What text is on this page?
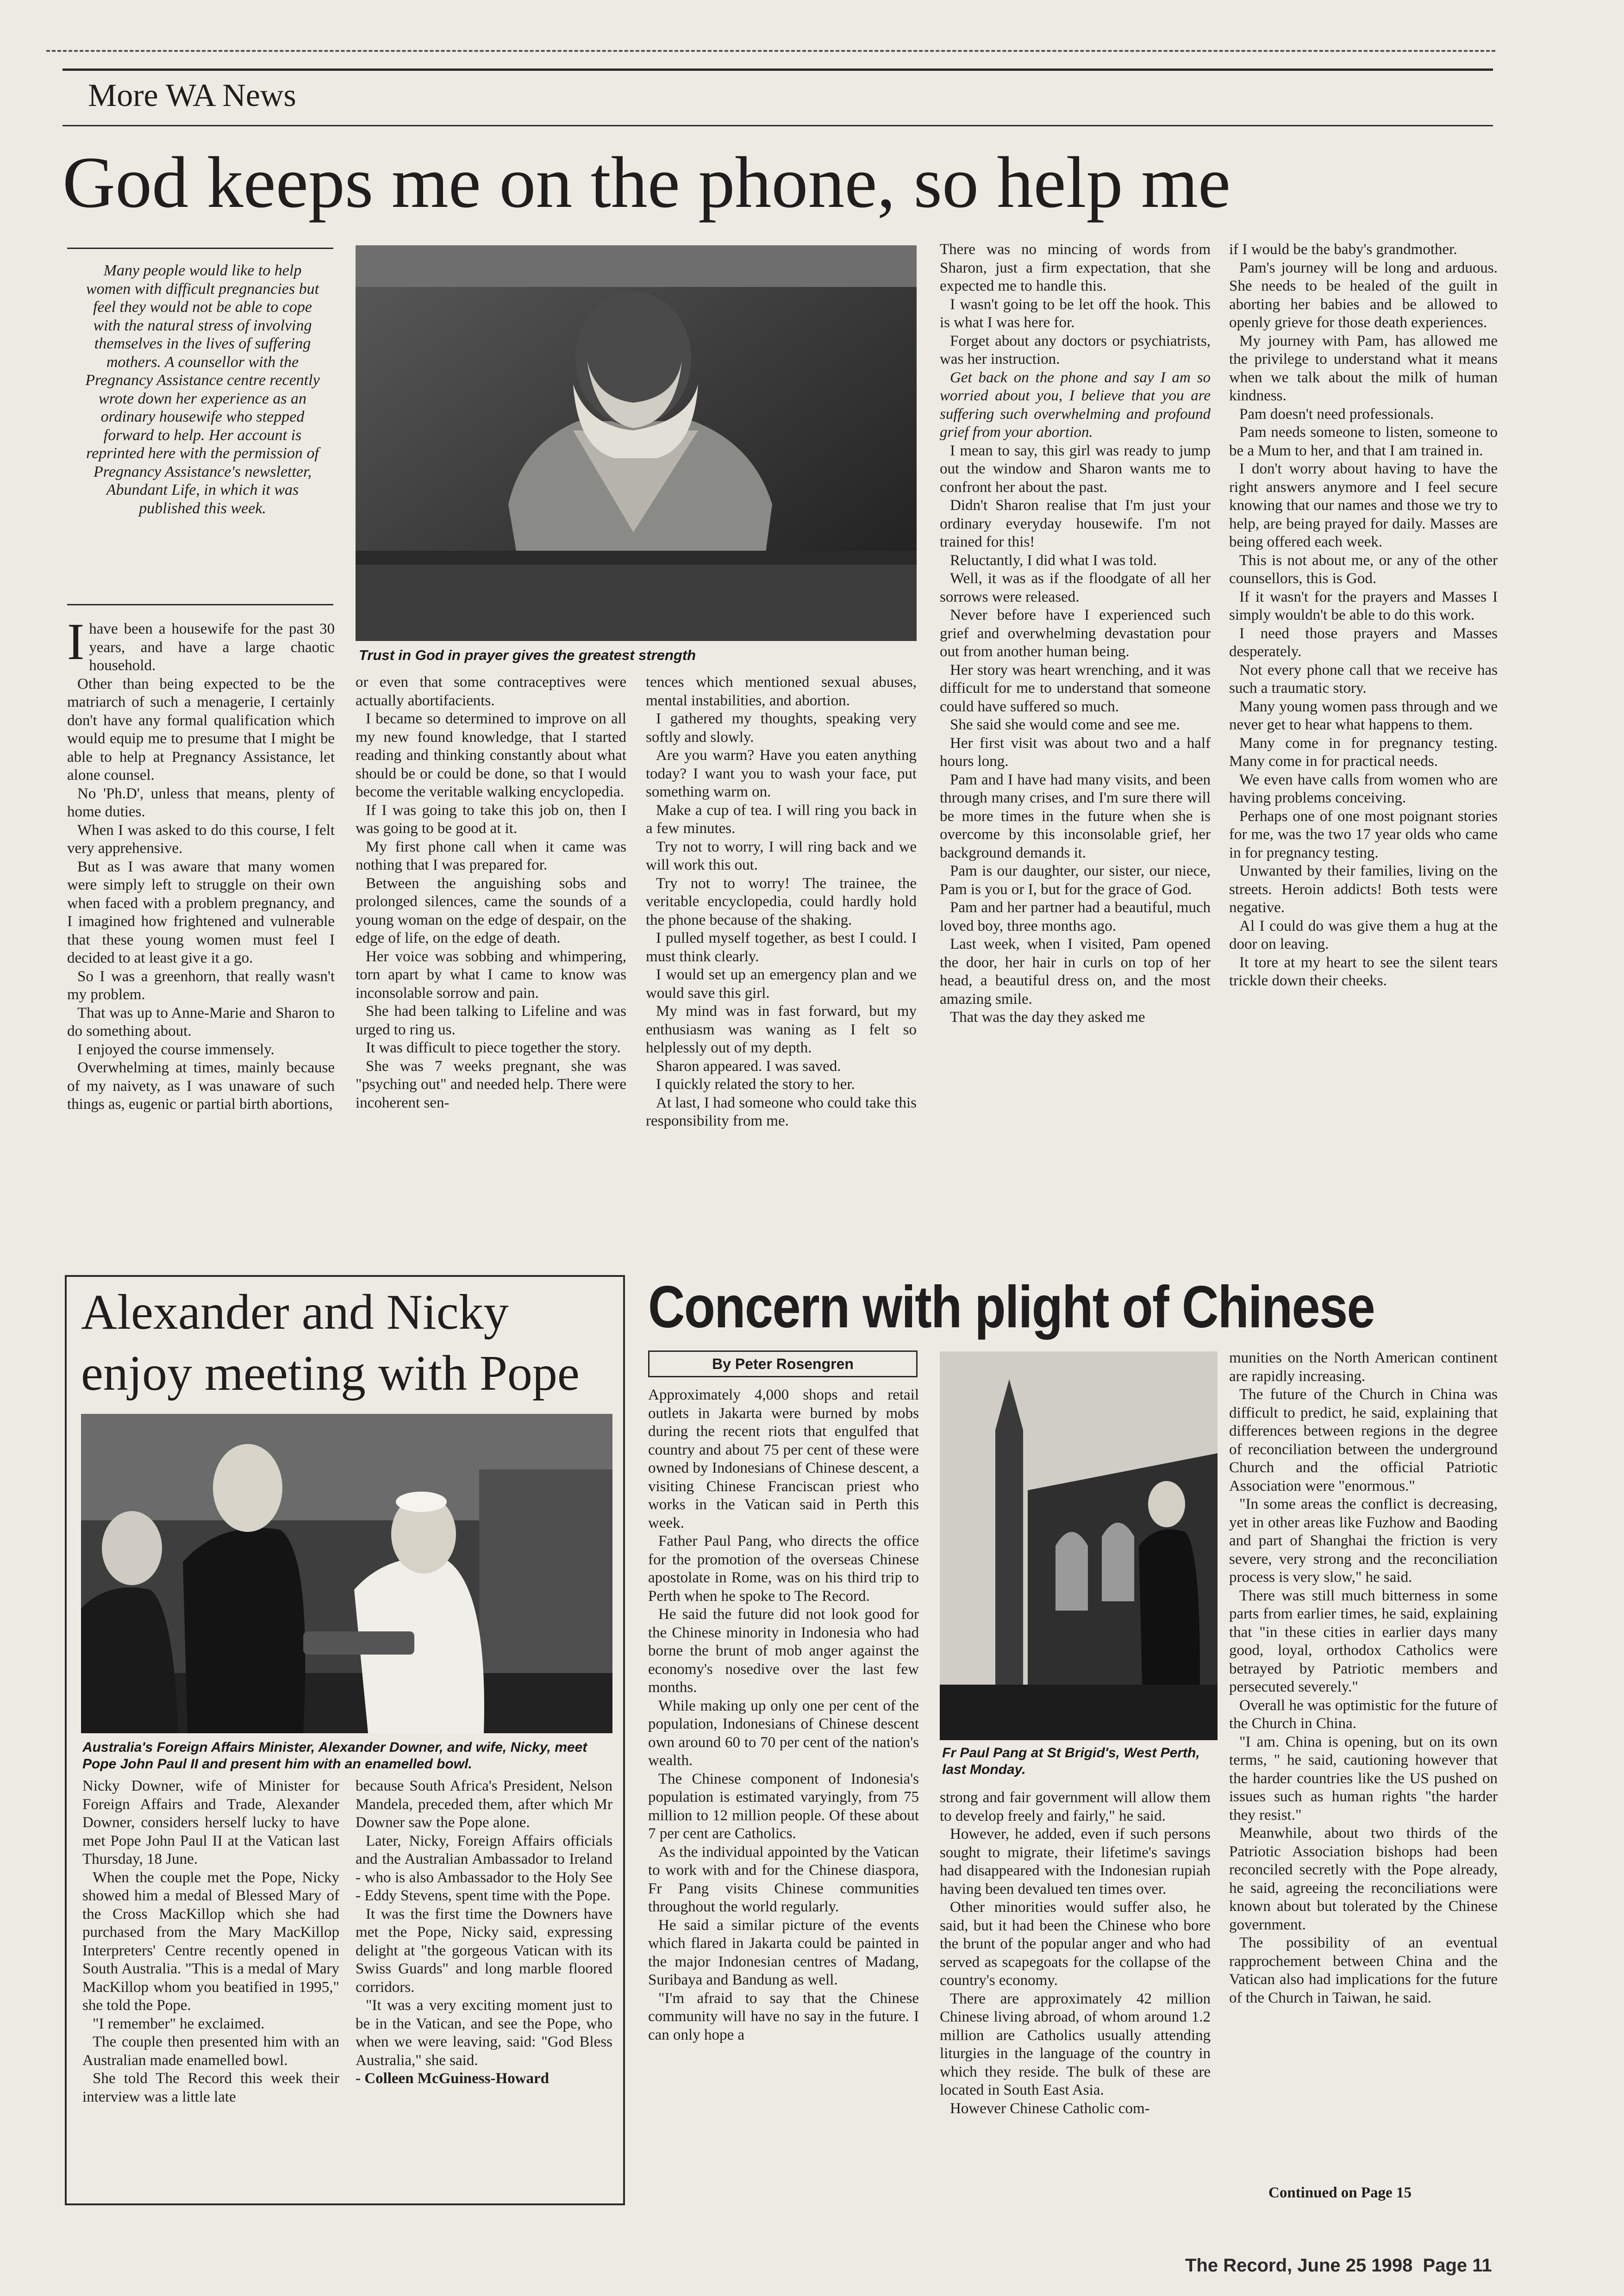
More WA News
God keeps me on the phone, so help me
Many people would like to help women with difficult pregnancies but feel they would not be able to cope with the natural stress of involving themselves in the lives of suffering mothers. A counsellor with the Pregnancy Assistance centre recently wrote down her experience as an ordinary housewife who stepped forward to help. Her account is reprinted here with the permission of Pregnancy Assistance's newsletter, Abundant Life, in which it was published this week.
Trust in God in prayer gives the greatest strength
I have been a housewife for the past 30 years, and have a large chaotic household.

Other than being expected to be the matriarch of such a menagerie, I certainly don't have any formal qualification which would equip me to presume that I might be able to help at Pregnancy Assistance, let alone counsel.

No 'Ph.D', unless that means, plenty of home duties.

When I was asked to do this course, I felt very apprehensive.

But as I was aware that many women were simply left to struggle on their own when faced with a problem pregnancy, and I imagined how frightened and vulnerable that these young women must feel I decided to at least give it a go.

So I was a greenhorn, that really wasn't my problem.

That was up to Anne-Marie and Sharon to do something about.

I enjoyed the course immensely.

Overwhelming at times, mainly because of my naivety, as I was unaware of such things as, eugenic or partial birth abortions,

or even that some contraceptives were actually abortifacients.

I became so determined to improve on all my new found knowledge, that I started reading and thinking constantly about what should be or could be done, so that I would become the veritable walking encyclopedia.

If I was going to take this job on, then I was going to be good at it.

My first phone call when it came was nothing that I was prepared for.

Between the anguishing sobs and prolonged silences, came the sounds of a young woman on the edge of despair, on the edge of life, on the edge of death.

Her voice was sobbing and whimpering, torn apart by what I came to know was inconsolable sorrow and pain.

She had been talking to Lifeline and was urged to ring us.

It was difficult to piece together the story.

She was 7 weeks pregnant, she was "psyching out" and needed help. There were incoherent sen-

tences which mentioned sexual abuses, mental instabilities, and abortion.

I gathered my thoughts, speaking very softly and slowly.

Are you warm? Have you eaten anything today? I want you to wash your face, put something warm on.

Make a cup of tea. I will ring you back in a few minutes.

Try not to worry, I will ring back and we will work this out.

Try not to worry! The trainee, the veritable encyclopedia, could hardly hold the phone because of the shaking.

I pulled myself together, as best I could. I must think clearly.

I would set up an emergency plan and we would save this girl.

My mind was in fast forward, but my enthusiasm was waning as I felt so helplessly out of my depth.

Sharon appeared. I was saved.

I quickly related the story to her.

At last, I had someone who could take this responsibility from me.

There was no mincing of words from Sharon, just a firm expectation, that she expected me to handle this.

I wasn't going to be let off the hook. This is what I was here for.

Forget about any doctors or psychiatrists, was her instruction.

Get back on the phone and say I am so worried about you, I believe that you are suffering such overwhelming and profound grief from your abortion.

I mean to say, this girl was ready to jump out the window and Sharon wants me to confront her about the past.

Didn't Sharon realise that I'm just your ordinary everyday housewife. I'm not trained for this!

Reluctantly, I did what I was told.

Well, it was as if the floodgate of all her sorrows were released.

Never before have I experienced such grief and overwhelming devastation pour out from another human being.

Her story was heart wrenching, and it was difficult for me to understand that someone could have suffered so much.

She said she would come and see me.

Her first visit was about two and a half hours long.

Pam and I have had many visits, and been through many crises, and I'm sure there will be more times in the future when she is overcome by this inconsolable grief, her background demands it.

Pam is our daughter, our sister, our niece, Pam is you or I, but for the grace of God.

Pam and her partner had a beautiful, much loved boy, three months ago.

Last week, when I visited, Pam opened the door, her hair in curls on top of her head, a beautiful dress on, and the most amazing smile.

That was the day they asked me

if I would be the baby's grandmother.

Pam's journey will be long and arduous. She needs to be healed of the guilt in aborting her babies and be allowed to openly grieve for those death experiences.

My journey with Pam, has allowed me the privilege to understand what it means when we talk about the milk of human kindness.

Pam doesn't need professionals.

Pam needs someone to listen, someone to be a Mum to her, and that I am trained in.

I don't worry about having to have the right answers anymore and I feel secure knowing that our names and those we try to help, are being prayed for daily. Masses are being offered each week.

This is not about me, or any of the other counsellors, this is God.

If it wasn't for the prayers and Masses I simply wouldn't be able to do this work.

I need those prayers and Masses desperately.

Not every phone call that we receive has such a traumatic story.

Many young women pass through and we never get to hear what happens to them.

Many come in for pregnancy testing. Many come in for practical needs.

We even have calls from women who are having problems conceiving.

Perhaps one of one most poignant stories for me, was the two 17 year olds who came in for pregnancy testing.

Unwanted by their families, living on the streets. Heroin addicts! Both tests were negative.

Al I could do was give them a hug at the door on leaving.

It tore at my heart to see the silent tears trickle down their cheeks.

Alexander and Nicky
enjoy meeting with Pope
Australia's Foreign Affairs Minister, Alexander Downer, and wife, Nicky, meet Pope John Paul II and present him with an enamelled bowl.

Nicky Downer, wife of Minister for Foreign Affairs and Trade, Alexander Downer, considers herself lucky to have met Pope John Paul II at the Vatican last Thursday, 18 June.

When the couple met the Pope, Nicky showed him a medal of Blessed Mary of the Cross MacKillop which she had purchased from the Mary MacKillop Interpreters' Centre recently opened in South Australia. "This is a medal of Mary MacKillop whom you beatified in 1995," she told the Pope.

"I remember" he exclaimed.

The couple then presented him with an Australian made enamelled bowl.

She told The Record this week their interview was a little late

because South Africa's President, Nelson Mandela, preceded them, after which Mr Downer saw the Pope alone.

Later, Nicky, Foreign Affairs officials and the Australian Ambassador to Ireland - who is also Ambassador to the Holy See - Eddy Stevens, spent time with the Pope.

It was the first time the Downers have met the Pope, Nicky said, expressing delight at "the gorgeous Vatican with its Swiss Guards" and long marble floored corridors.

"It was a very exciting moment just to be in the Vatican, and see the Pope, who when we were leaving, said: "God Bless Australia," she said.

- Colleen McGuiness-Howard

Concern with plight of Chinese
By Peter Rosengren

Approximately 4,000 shops and retail outlets in Jakarta were burned by mobs during the recent riots that engulfed that country and about 75 per cent of these were owned by Indonesians of Chinese descent, a visiting Chinese Franciscan priest who works in the Vatican said in Perth this week.

Father Paul Pang, who directs the office for the promotion of the overseas Chinese apostolate in Rome, was on his third trip to Perth when he spoke to The Record.

He said the future did not look good for the Chinese minority in Indonesia who had borne the brunt of mob anger against the economy's nosedive over the last few months.

While making up only one per cent of the population, Indonesians of Chinese descent own around 60 to 70 per cent of the nation's wealth.

The Chinese component of Indonesia's population is estimated varyingly, from 75 million to 12 million people. Of these about 7 per cent are Catholics.

As the individual appointed by the Vatican to work with and for the Chinese diaspora, Fr Pang visits Chinese communities throughout the world regularly.

He said a similar picture of the events which flared in Jakarta could be painted in the major Indonesian centres of Madang, Suribaya and Bandung as well.

"I'm afraid to say that the Chinese community will have no say in the future. I can only hope a

Fr Paul Pang at St Brigid's, West Perth, last Monday.

strong and fair government will allow them to develop freely and fairly," he said.

However, he added, even if such persons sought to migrate, their lifetime's savings had disappeared with the Indonesian rupiah having been devalued ten times over.

Other minorities would suffer also, he said, but it had been the Chinese who bore the brunt of the popular anger and who had served as scapegoats for the collapse of the country's economy.

There are approximately 42 million Chinese living abroad, of whom around 1.2 million are Catholics usually attending liturgies in the language of the country in which they reside. The bulk of these are located in South East Asia.

However Chinese Catholic com-

munities on the North American continent are rapidly increasing.

The future of the Church in China was difficult to predict, he said, explaining that differences between regions in the degree of reconciliation between the underground Church and the official Patriotic Association were "enormous."

"In some areas the conflict is decreasing, yet in other areas like Fuzhow and Baoding and part of Shanghai the friction is very severe, very strong and the reconciliation process is very slow," he said.

There was still much bitterness in some parts from earlier times, he said, explaining that "in these cities in earlier days many good, loyal, orthodox Catholics were betrayed by Patriotic members and persecuted severely."

Overall he was optimistic for the future of the Church in China.

"I am. China is opening, but on its own terms, " he said, cautioning however that the harder countries like the US pushed on issues such as human rights "the harder they resist."

Meanwhile, about two thirds of the Patriotic Association bishops had been reconciled secretly with the Pope already, he said, agreeing the reconciliations were known about but tolerated by the Chinese government.

The possibility of an eventual rapprochement between China and the Vatican also had implications for the future of the Church in Taiwan, he said.

Continued on Page 15
The Record, June 25 1998  Page 11
